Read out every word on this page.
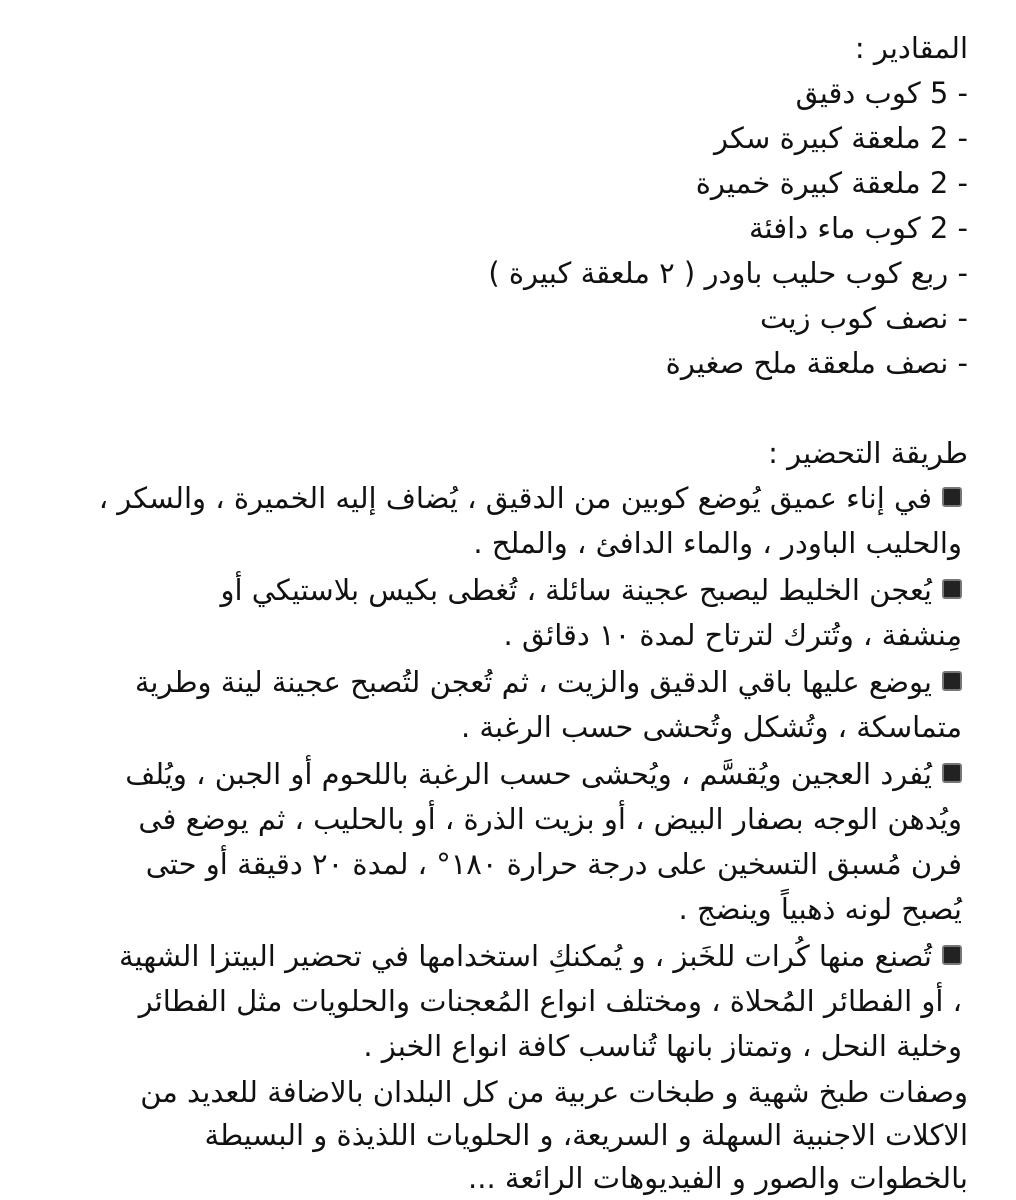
المقادير :

- 5 كوب دقيق

- 2 ملعقة كبيرة سكر

- 2 ملعقة كبيرة خميرة

- 2 كوب ماء دافئة

- ربع كوب حليب باودر ( ٢ ملعقة كبيرة )

- نصف كوب زيت

- نصف ملعقة ملح صغيرة

طريقة التحضير :

في إناء عميق يُوضع كوبين من الدقيق ، يُضاف إليه الخميرة ، والسكر ،
والحليب الباودر ، والماء الدافئ ، والملح .
يُعجن الخليط ليصبح عجينة سائلة ، تُغطى بكيس بلاستيكي أو
مِنشفة ، وتُترك لترتاح لمدة ١٠ دقائق .
يوضع عليها باقي الدقيق والزيت ، ثم تُعجن لتُصبح عجينة لينة وطرية
متماسكة ، وتُشكل وتُحشى حسب الرغبة .
يُفرد العجين ويُقسَّم ، ويُحشى حسب الرغبة باللحوم أو الجبن ، ويُلف
ويُدهن الوجه بصفار البيض ، أو بزيت الذرة ، أو بالحليب ، ثم يوضع فى
فرن مُسبق التسخين على درجة حرارة ١٨٠° ، لمدة ٢٠ دقيقة أو حتى
يُصبح لونه ذهبياً وينضج .
تُصنع منها كُرات للخَبز ، و يُمكنكِ استخدامها في تحضير البيتزا الشهية
، أو الفطائر المُحلاة ، ومختلف انواع المُعجنات والحلويات مثل الفطائر
وخلية النحل ، وتمتاز بانها تُناسب كافة انواع الخبز .
وصفات طبخ شهية و طبخات عربية من كل البلدان بالاضافة للعديد من
الاكلات الاجنبية السهلة و السريعة، و الحلويات اللذيذة و البسيطة
بالخطوات والصور و الفيديوهات الرائعة ...
